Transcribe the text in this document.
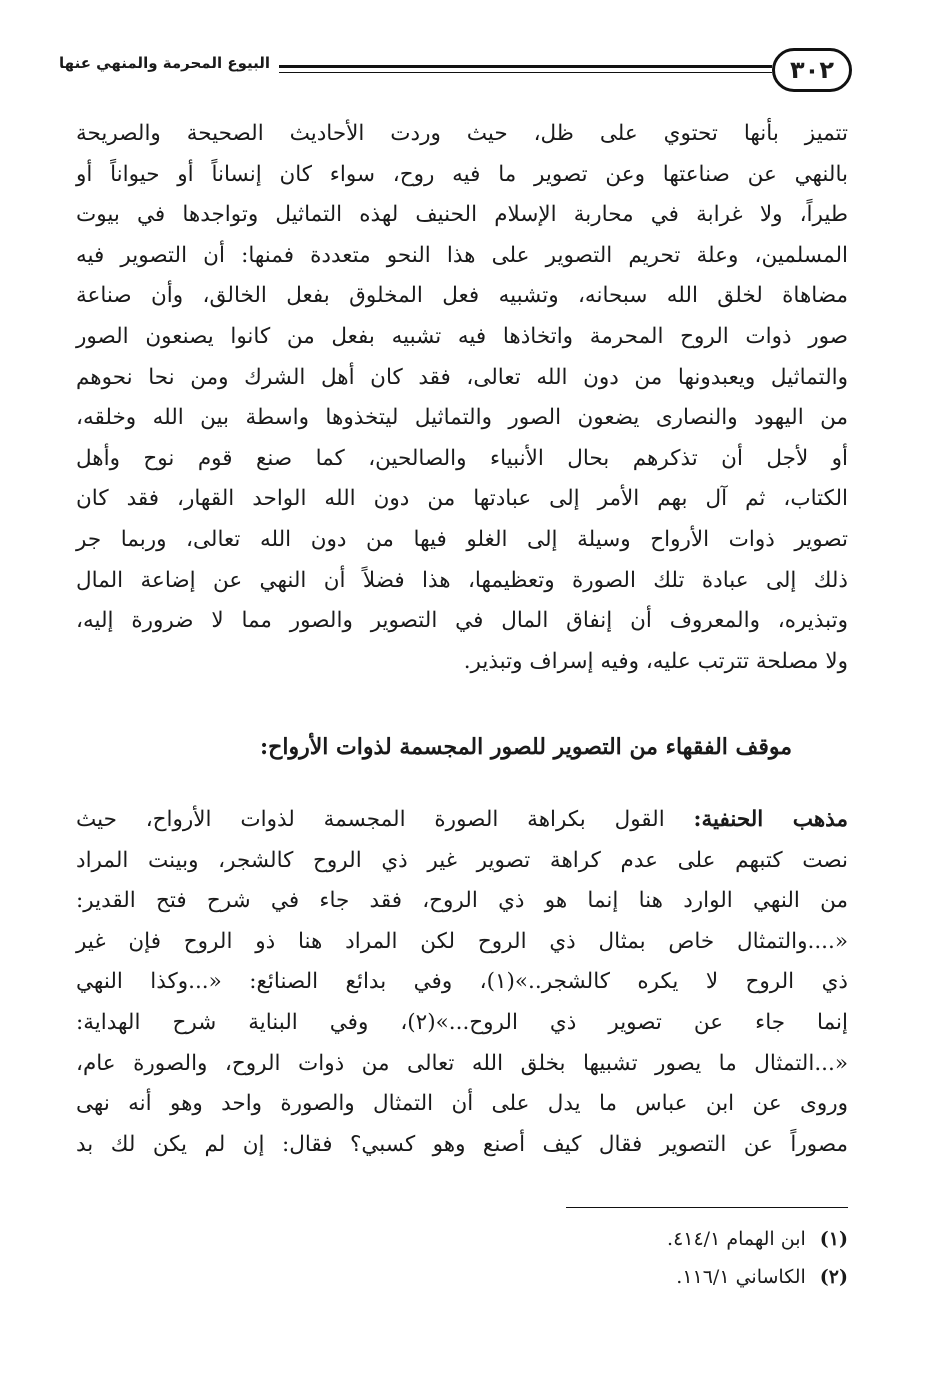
٣٠٢
البيوع المحرمة والمنهي عنها
تتميز بأنها تحتوي على ظل، حيث وردت الأحاديث الصحيحة والصريحة
بالنهي عن صناعتها وعن تصوير ما فيه روح، سواء كان إنساناً أو حيواناً أو
طيراً، ولا غرابة في محاربة الإسلام الحنيف لهذه التماثيل وتواجدها في بيوت
المسلمين، وعلة تحريم التصوير على هذا النحو متعددة فمنها: أن التصوير فيه
مضاهاة لخلق الله سبحانه، وتشبيه فعل المخلوق بفعل الخالق، وأن صناعة
صور ذوات الروح المحرمة واتخاذها فيه تشبيه بفعل من كانوا يصنعون الصور
والتماثيل ويعبدونها من دون الله تعالى، فقد كان أهل الشرك ومن نحا نحوهم
من اليهود والنصارى يضعون الصور والتماثيل ليتخذوها واسطة بين الله وخلقه،
أو لأجل أن تذكرهم بحال الأنبياء والصالحين، كما صنع قوم نوح وأهل
الكتاب، ثم آل بهم الأمر إلى عبادتها من دون الله الواحد القهار، فقد كان
تصوير ذوات الأرواح وسيلة إلى الغلو فيها من دون الله تعالى، وربما جر
ذلك إلى عبادة تلك الصورة وتعظيمها، هذا فضلاً أن النهي عن إضاعة المال
وتبذيره، والمعروف أن إنفاق المال في التصوير والصور مما لا ضرورة إليه،
ولا مصلحة تترتب عليه، وفيه إسراف وتبذير.
موقف الفقهاء من التصوير للصور المجسمة لذوات الأرواح:
مذهب الحنفية: القول بكراهة الصورة المجسمة لذوات الأرواح، حيث
نصت كتبهم على عدم كراهة تصوير غير ذي الروح كالشجر، وبينت المراد
من النهي الوارد هنا إنما هو ذي الروح، فقد جاء في شرح فتح القدير:
«....والتمثال خاص بمثال ذي الروح لكن المراد هنا ذو الروح فإن غير
ذي الروح لا يكره كالشجر..»(١)، وفي بدائع الصنائع: «...وكذا النهي
إنما جاء عن تصوير ذي الروح...»(٢)، وفي البناية شرح الهداية:
«...التمثال ما يصور تشبيها بخلق الله تعالى من ذوات الروح، والصورة عام،
وروى عن ابن عباس ما يدل على أن التمثال والصورة واحد وهو أنه نهى
مصوراً عن التصوير فقال كيف أصنع وهو كسبي؟ فقال: إن لم يكن لك بد
(١)ابن الهمام ٤١٤/١.
(٢)الكاساني ١١٦/١.
